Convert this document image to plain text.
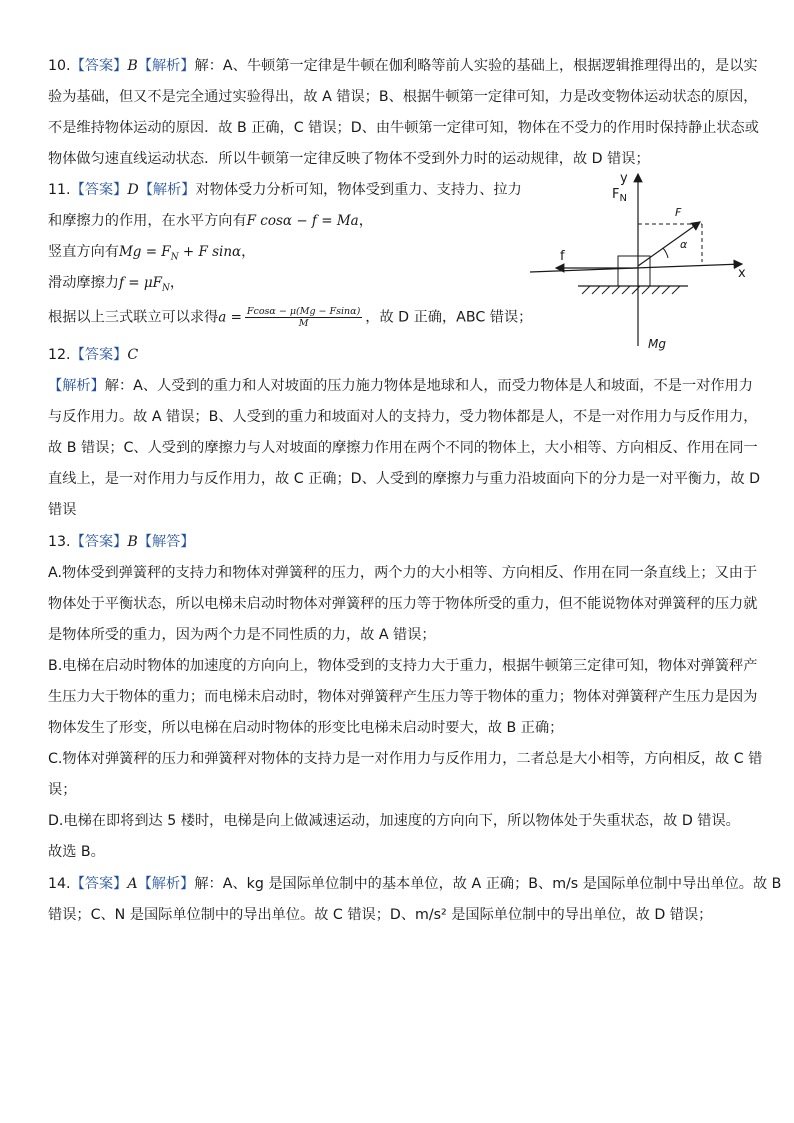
10.【答案】B【解析】解：A、牛顿第一定律是牛顿在伽利略等前人实验的基础上，根据逻辑推理得出的，是以实
验为基础，但又不是完全通过实验得出，故 A 错误；B、根据牛顿第一定律可知，力是改变物体运动状态的原因，
不是维持物体运动的原因．故 B 正确，C 错误；D、由牛顿第一定律可知，物体在不受力的作用时保持静止状态或
物体做匀速直线运动状态．所以牛顿第一定律反映了物体不受到外力时的运动规律，故 D 错误；
11.【答案】D【解析】对物体受力分析可知，物体受到重力、支持力、拉力
和摩擦力的作用，在水平方向有F cosα − f = Ma，
竖直方向有$Mg = F_N + F$ sinα，
滑动摩擦力$f = \mu F_N$，
根据以上三式联立可以求得$a = \frac{Fcos\alpha - \mu(Mg - Fsin\alpha)}{M}$ ，故 D 正确，ABC 错误；
x
y
$F_N$
F
α
f
Mg
12.【答案】C
【解析】解：A、人受到的重力和人对坡面的压力施力物体是地球和人，而受力物体是人和坡面，不是一对作用力
与反作用力。故 A 错误；B、人受到的重力和坡面对人的支持力，受力物体都是人，不是一对作用力与反作用力，
故 B 错误；C、人受到的摩擦力与人对坡面的摩擦力作用在两个不同的物体上，大小相等、方向相反、作用在同一
直线上，是一对作用力与反作用力，故 C 正确；D、人受到的摩擦力与重力沿坡面向下的分力是一对平衡力，故 D
错误
13.【答案】B【解答】
A.物体受到弹簧秤的支持力和物体对弹簧秤的压力，两个力的大小相等、方向相反、作用在同一条直线上；又由于
物体处于平衡状态，所以电梯未启动时物体对弹簧秤的压力等于物体所受的重力，但不能说物体对弹簧秤的压力就
是物体所受的重力，因为两个力是不同性质的力，故 A 错误；
B.电梯在启动时物体的加速度的方向向上，物体受到的支持力大于重力，根据牛顿第三定律可知，物体对弹簧秤产
生压力大于物体的重力；而电梯未启动时，物体对弹簧秤产生压力等于物体的重力；物体对弹簧秤产生压力是因为
物体发生了形变，所以电梯在启动时物体的形变比电梯未启动时要大，故 B 正确；
C.物体对弹簧秤的压力和弹簧秤对物体的支持力是一对作用力与反作用力，二者总是大小相等，方向相反，故 C 错
误；
D.电梯在即将到达 5 楼时，电梯是向上做减速运动，加速度的方向向下，所以物体处于失重状态，故 D 错误。
故选 B。
14.【答案】A【解析】解：A、kg 是国际单位制中的基本单位，故 A 正确；B、m/s 是国际单位制中导出单位。故 B
错误；C、N 是国际单位制中的导出单位。故 C 错误；D、m/s² 是国际单位制中的导出单位，故 D 错误；
